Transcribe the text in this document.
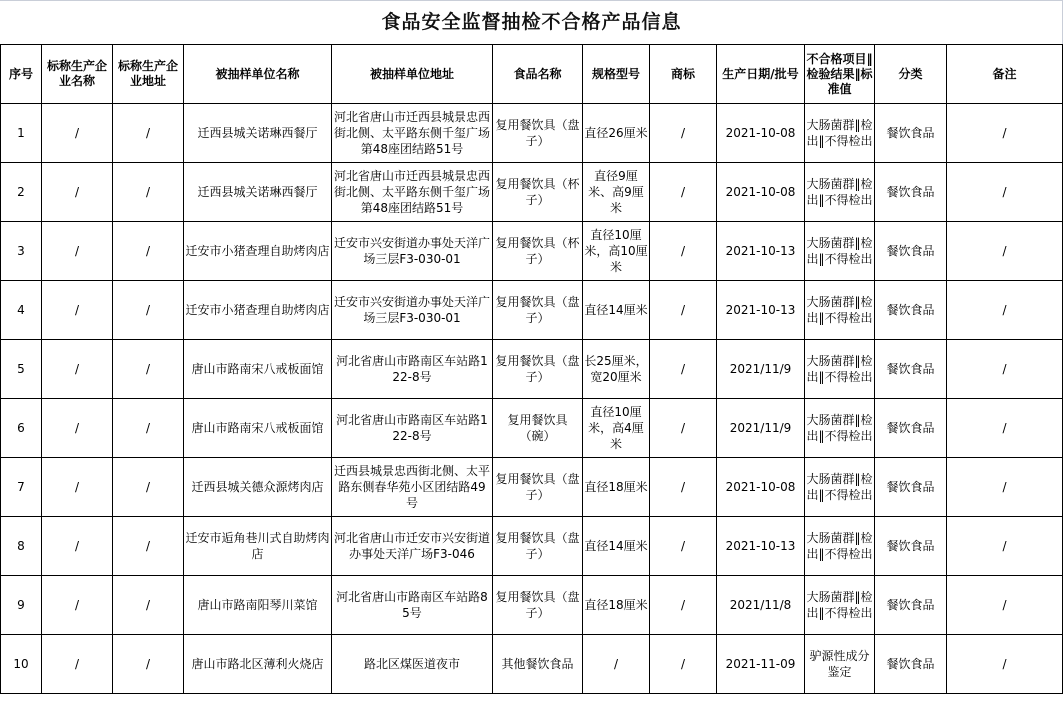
食品安全监督抽检不合格产品信息
序号	标称生产企业名称	标称生产企业地址	被抽样单位名称	被抽样单位地址	食品名称	规格型号	商标	生产日期/批号	不合格项目‖检验结果‖标准值	分类	备注
1	/	/	迁西县城关诺琳西餐厅	河北省唐山市迁西县城景忠西街北侧、太平路东侧千玺广场第48座团结路51号	复用餐饮具（盘子）	直径26厘米	/	2021-10-08	大肠菌群‖检出‖不得检出	餐饮食品	/
2	/	/	迁西县城关诺琳西餐厅	河北省唐山市迁西县城景忠西街北侧、太平路东侧千玺广场第48座团结路51号	复用餐饮具（杯子）	直径9厘米、高9厘米	/	2021-10-08	大肠菌群‖检出‖不得检出	餐饮食品	/
3	/	/	迁安市小猪查理自助烤肉店	迁安市兴安街道办事处天洋广场三层F3-030-01	复用餐饮具（杯子）	直径10厘米，高10厘米	/	2021-10-13	大肠菌群‖检出‖不得检出	餐饮食品	/
4	/	/	迁安市小猪查理自助烤肉店	迁安市兴安街道办事处天洋广场三层F3-030-01	复用餐饮具（盘子）	直径14厘米	/	2021-10-13	大肠菌群‖检出‖不得检出	餐饮食品	/
5	/	/	唐山市路南宋八戒板面馆	河北省唐山市路南区车站路122-8号	复用餐饮具（盘子）	长25厘米，宽20厘米	/	2021/11/9	大肠菌群‖检出‖不得检出	餐饮食品	/
6	/	/	唐山市路南宋八戒板面馆	河北省唐山市路南区车站路122-8号	复用餐饮具（碗）	直径10厘米，高4厘米	/	2021/11/9	大肠菌群‖检出‖不得检出	餐饮食品	/
7	/	/	迁西县城关德众源烤肉店	迁西县城景忠西街北侧、太平路东侧春华苑小区团结路49号	复用餐饮具（盘子）	直径18厘米	/	2021-10-08	大肠菌群‖检出‖不得检出	餐饮食品	/
8	/	/	迁安市逅角巷川式自助烤肉店	河北省唐山市迁安市兴安街道办事处天洋广场F3-046	复用餐饮具（盘子）	直径14厘米	/	2021-10-13	大肠菌群‖检出‖不得检出	餐饮食品	/
9	/	/	唐山市路南阳琴川菜馆	河北省唐山市路南区车站路85号	复用餐饮具（盘子）	直径18厘米	/	2021/11/8	大肠菌群‖检出‖不得检出	餐饮食品	/
10	/	/	唐山市路北区薄利火烧店	路北区煤医道夜市	其他餐饮食品	/	/	2021-11-09	驴源性成分鉴定	餐饮食品	/
